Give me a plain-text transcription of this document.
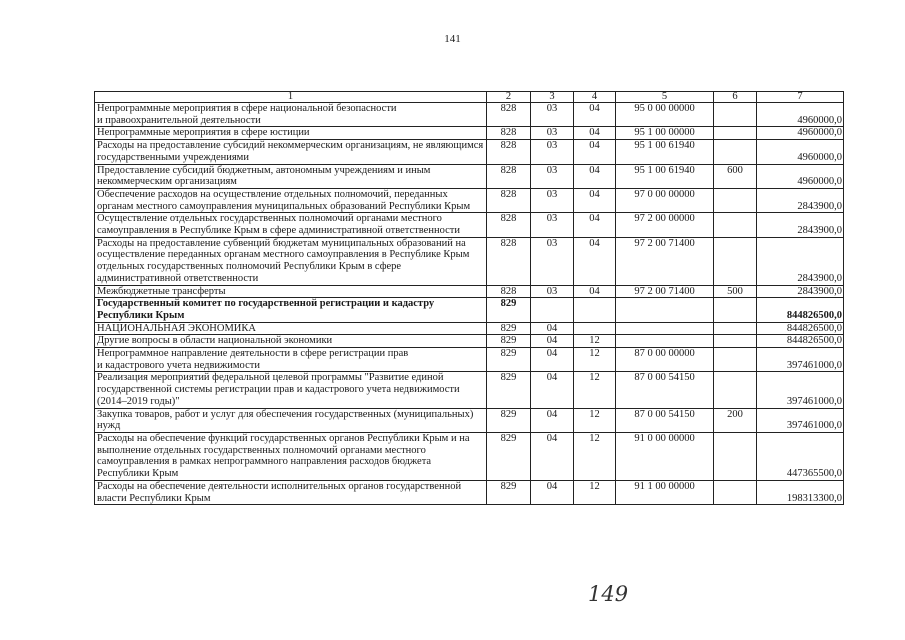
141
1	2	3	4	5	6	7
Непрограммные мероприятия в сфере национальной безопасности
и правоохранительной деятельности	828	03	04	95 0 00 00000		4960000,0
Непрограммные мероприятия в сфере юстиции	828	03	04	95 1 00 00000		4960000,0
Расходы на предоставление субсидий некоммерческим организациям, не являющимся государственными учреждениями	828	03	04	95 1 00 61940		4960000,0
Предоставление субсидий бюджетным, автономным учреждениям и иным некоммерческим организациям	828	03	04	95 1 00 61940	600	4960000,0
Обеспечение расходов на осуществление отдельных полномочий, переданных органам местного самоуправления муниципальных образований Республики Крым	828	03	04	97 0 00 00000		2843900,0
Осуществление отдельных государственных полномочий органами местного самоуправления в Республике Крым в сфере административной ответственности	828	03	04	97 2 00 00000		2843900,0
Расходы на предоставление субвенций бюджетам муниципальных образований на осуществление переданных органам местного самоуправления в Республике Крым отдельных государственных полномочий Республики Крым в сфере административной ответственности	828	03	04	97 2 00 71400		2843900,0
Межбюджетные трансферты	828	03	04	97 2 00 71400	500	2843900,0
Государственный комитет по государственной регистрации и кадастру Республики Крым	829					844826500,0
НАЦИОНАЛЬНАЯ ЭКОНОМИКА	829	04				844826500,0
Другие вопросы в области национальной экономики	829	04	12			844826500,0
Непрограммное направление деятельности в сфере регистрации прав
и кадастрового учета недвижимости	829	04	12	87 0 00 00000		397461000,0
Реализация мероприятий федеральной целевой программы "Развитие единой государственной системы регистрации прав и кадастрового учета недвижимости (2014–2019 годы)"	829	04	12	87 0 00 54150		397461000,0
Закупка товаров, работ и услуг для обеспечения государственных (муниципальных) нужд	829	04	12	87 0 00 54150	200	397461000,0
Расходы на обеспечение функций государственных органов Республики Крым и на выполнение отдельных государственных полномочий органами местного самоуправления в рамках непрограммного направления расходов бюджета Республики Крым	829	04	12	91 0 00 00000		447365500,0
Расходы на обеспечение деятельности исполнительных органов государственной власти Республики Крым	829	04	12	91 1 00 00000		198313300,0
149
